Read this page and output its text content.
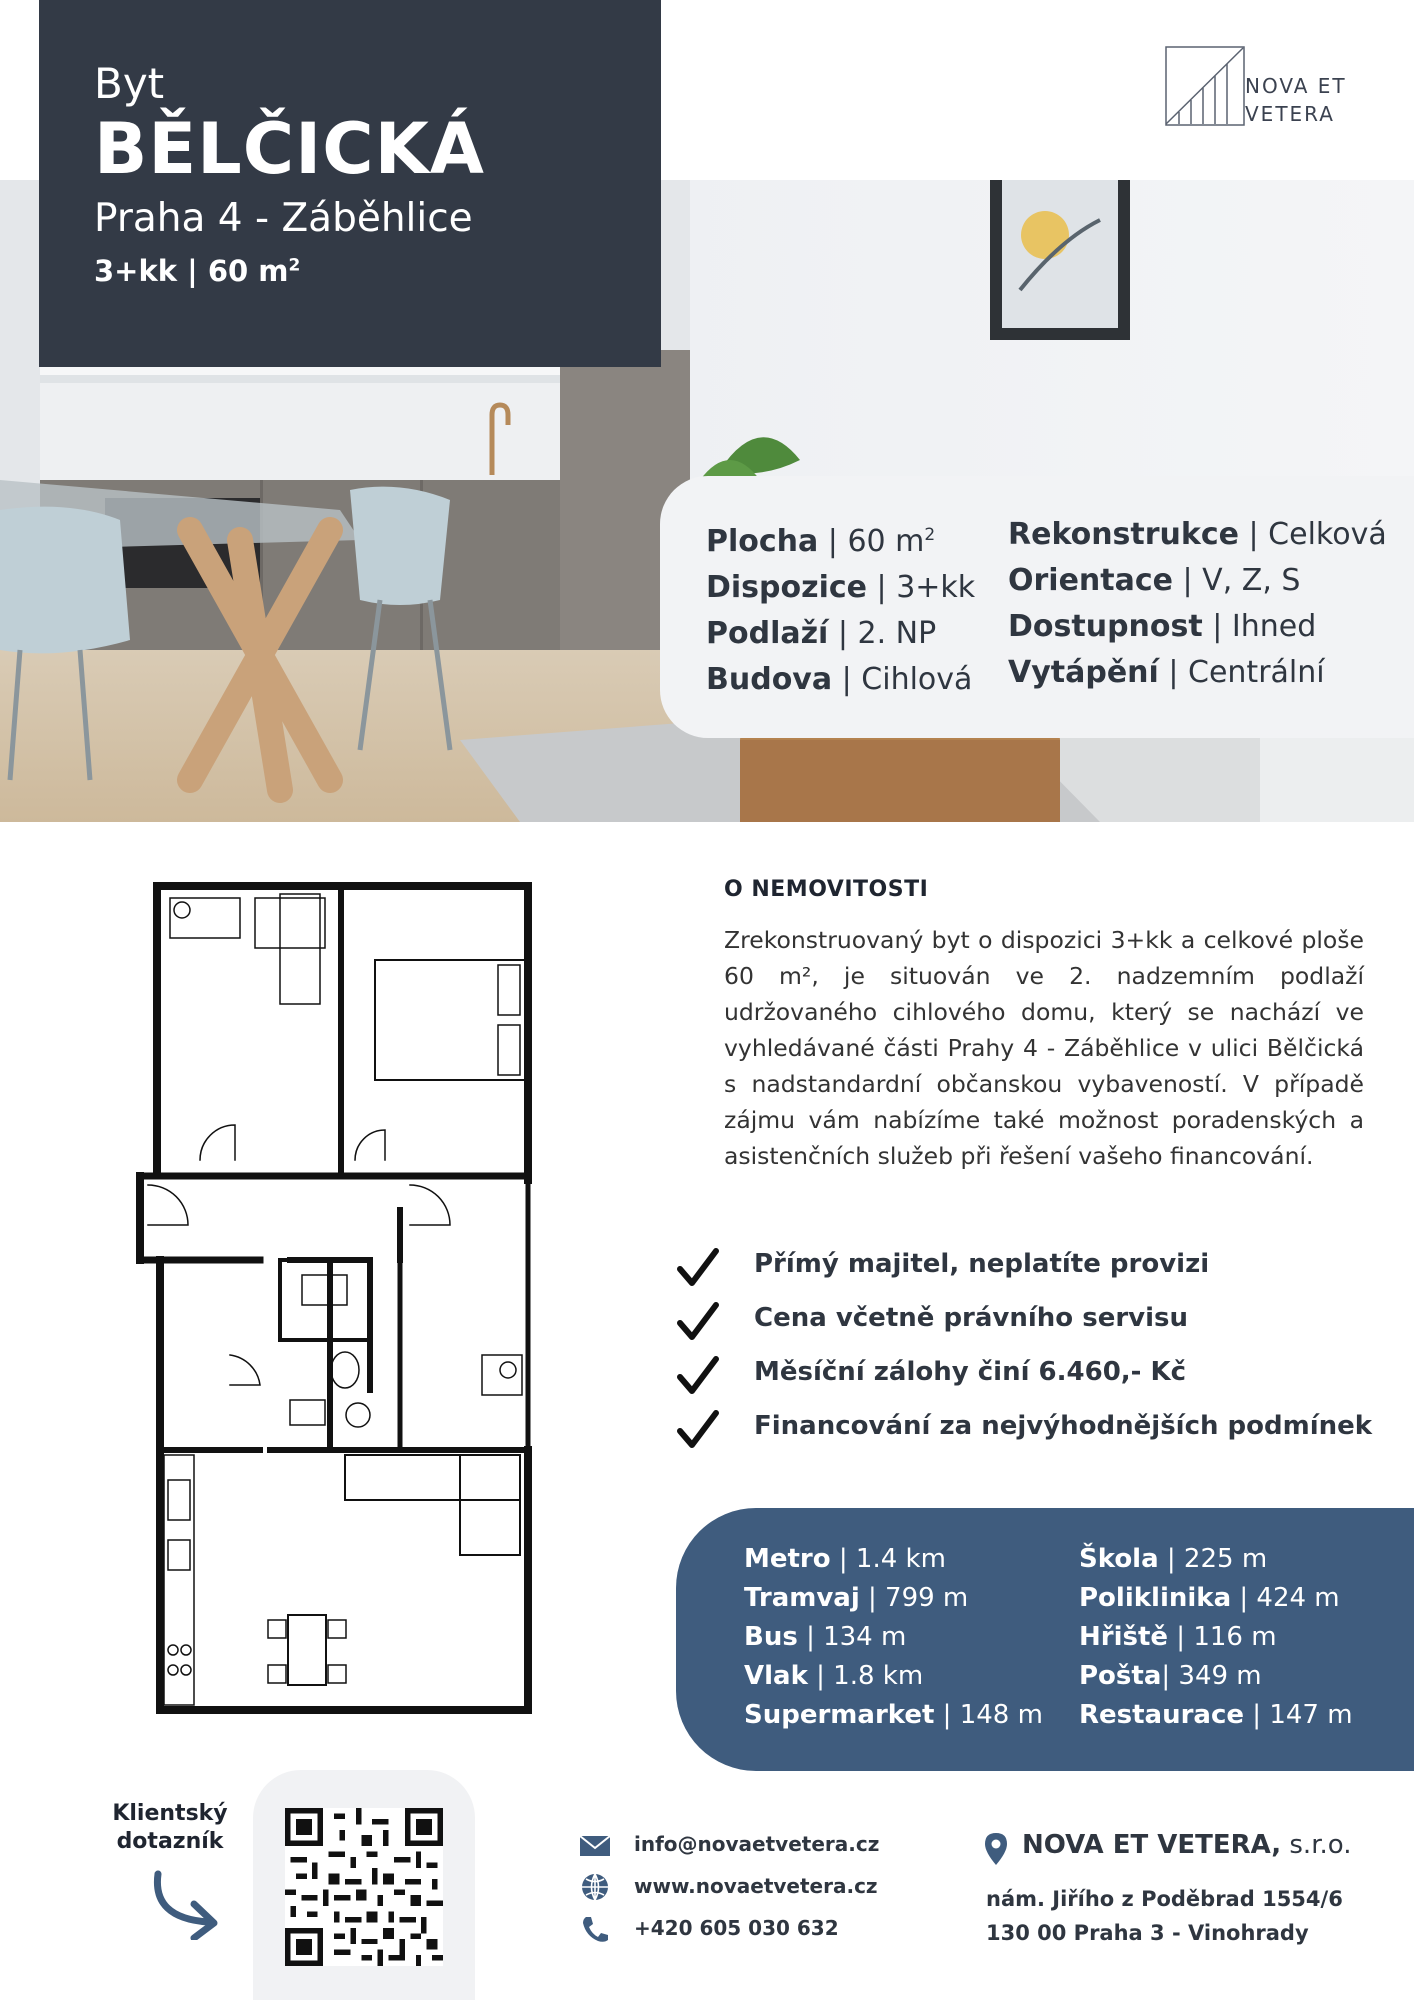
Byt
BĚLČICKÁ
Praha 4 - Záběhlice
3+kk | 60 $m^2$
NOVA ET
VETERA
Plocha | 60 $m^2$
Dispozice | 3+kk
Podlaží | 2. NP
Budova | Cihlová
Rekonstrukce | Celková
Orientace | V, Z, S
Dostupnost | Ihned
Vytápění | Centrální
O NEMOVITOSTI
Zrekonstruovaný byt o dispozici 3+kk a celkové ploše 60 m², je situován ve 2. nadzemním podlaží udržovaného cihlového domu, který se nachází ve vyhledávané části Prahy 4 - Záběhlice v ulici Bělčická s nadstandardní občanskou vybaveností. V případě zájmu vám nabízíme také možnost poradenských a asistenčních služeb při řešení vašeho financování.
Přímý majitel, neplatíte provizi
Cena včetně právního servisu
Měsíční zálohy činí 6.460,- Kč
Financování za nejvýhodnějších podmínek
Metro | 1.4 km
Tramvaj | 799 m
Bus | 134 m
Vlak | 1.8 km
Supermarket | 148 m
Škola | 225 m
Poliklinika | 424 m
Hřiště | 116 m
Pošta| 349 m
Restaurace | 147 m
Klientský
dotazník	info@novaetvetera.cz
www.novaetvetera.cz
+420 605 030 632
NOVA ET VETERA, s.r.o.
nám. Jiřího z Poděbrad 1554/6
130 00 Praha 3 - Vinohrady
